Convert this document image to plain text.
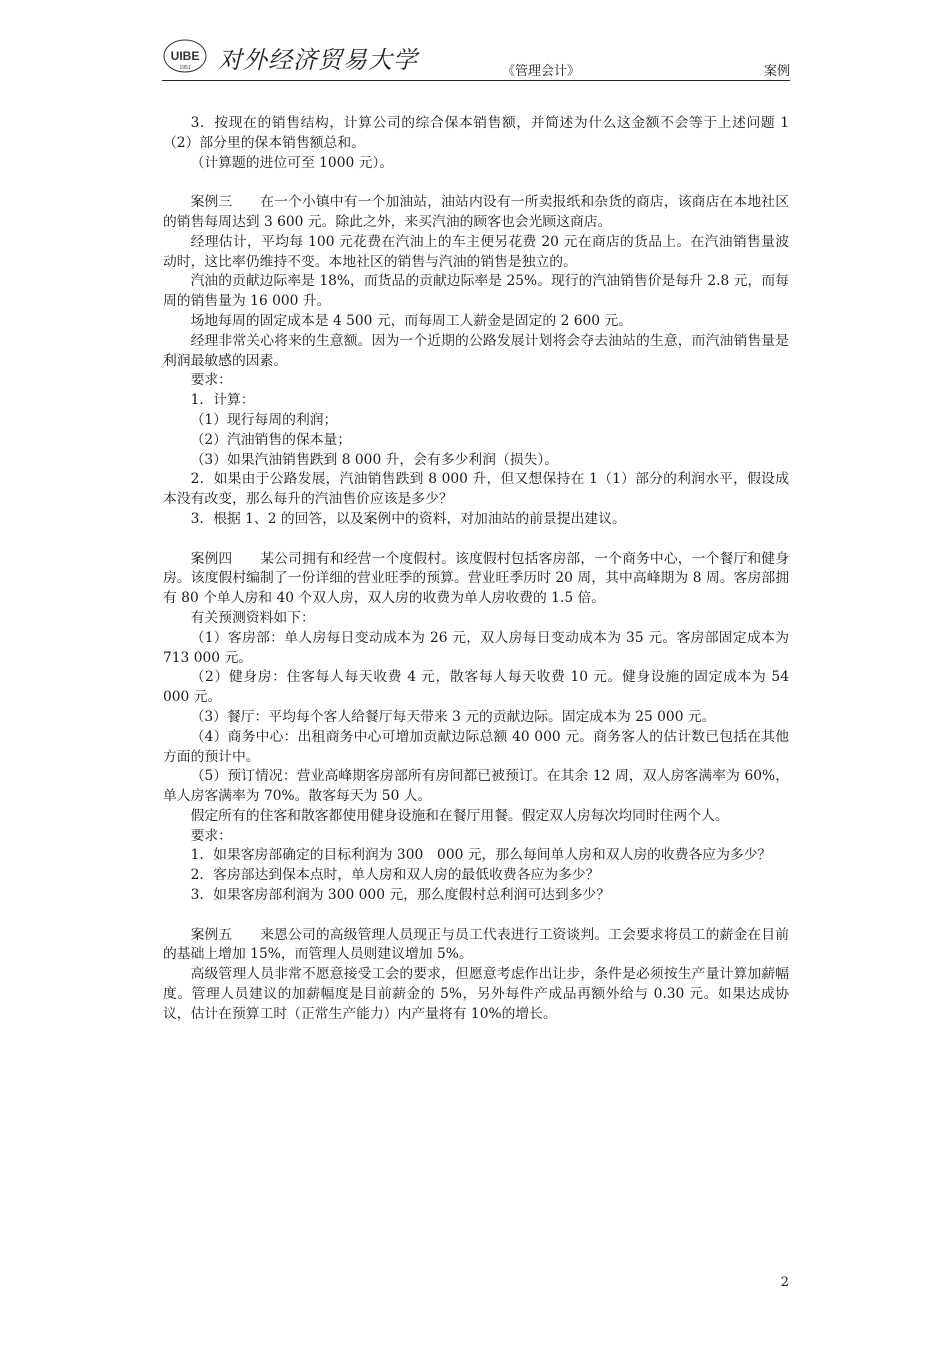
UIBE
1951 对外经济贸易大学	《管理会计》	案例

3．按现在的销售结构，计算公司的综合保本销售额，并简述为什么这金额不会等于上述问题 1（2）部分里的保本销售额总和。

（计算题的进位可至 1000 元）。

案例三　　在一个小镇中有一个加油站，油站内设有一所卖报纸和杂货的商店，该商店在本地社区的销售每周达到 3 600 元。除此之外，来买汽油的顾客也会光顾这商店。

经理估计，平均每 100 元花费在汽油上的车主便另花费 20 元在商店的货品上。在汽油销售量波动时，这比率仍维持不变。本地社区的销售与汽油的销售是独立的。

汽油的贡献边际率是 18%，而货品的贡献边际率是 25%。现行的汽油销售价是每升 2.8 元，而每周的销售量为 16 000 升。

场地每周的固定成本是 4 500 元，而每周工人薪金是固定的 2 600 元。

经理非常关心将来的生意额。因为一个近期的公路发展计划将会夺去油站的生意，而汽油销售量是利润最敏感的因素。

要求：

1．计算：

（1）现行每周的利润；

（2）汽油销售的保本量；

（3）如果汽油销售跌到 8 000 升，会有多少利润（损失）。

2．如果由于公路发展，汽油销售跌到 8 000 升，但又想保持在 1（1）部分的利润水平，假设成本没有改变，那么每升的汽油售价应该是多少？

3．根据 1、2 的回答，以及案例中的资料，对加油站的前景提出建议。

案例四　　某公司拥有和经营一个度假村。该度假村包括客房部，一个商务中心，一个餐厅和健身房。该度假村编制了一份详细的营业旺季的预算。营业旺季历时 20 周，其中高峰期为 8 周。客房部拥有 80 个单人房和 40 个双人房，双人房的收费为单人房收费的 1.5 倍。

有关预测资料如下：

（1）客房部：单人房每日变动成本为 26 元，双人房每日变动成本为 35 元。客房部固定成本为 713 000 元。

（2）健身房：住客每人每天收费 4 元，散客每人每天收费 10 元。健身设施的固定成本为 54 000 元。

（3）餐厅：平均每个客人给餐厅每天带来 3 元的贡献边际。固定成本为 25 000 元。

（4）商务中心：出租商务中心可增加贡献边际总额 40 000 元。商务客人的估计数已包括在其他方面的预计中。

（5）预订情况：营业高峰期客房部所有房间都已被预订。在其余 12 周，双人房客满率为 60%，单人房客满率为 70%。散客每天为 50 人。

假定所有的住客和散客都使用健身设施和在餐厅用餐。假定双人房每次均同时住两个人。

要求：

1．如果客房部确定的目标利润为 300　000 元，那么每间单人房和双人房的收费各应为多少？

2．客房部达到保本点时，单人房和双人房的最低收费各应为多少？

3．如果客房部利润为 300 000 元，那么度假村总利润可达到多少？

案例五　　来恩公司的高级管理人员现正与员工代表进行工资谈判。工会要求将员工的薪金在目前的基础上增加 15%，而管理人员则建议增加 5%。

高级管理人员非常不愿意接受工会的要求，但愿意考虑作出让步，条件是必须按生产量计算加薪幅度。管理人员建议的加薪幅度是目前薪金的 5%，另外每件产成品再额外给与 0.30 元。如果达成协议，估计在预算工时（正常生产能力）内产量将有 10%的增长。

2
